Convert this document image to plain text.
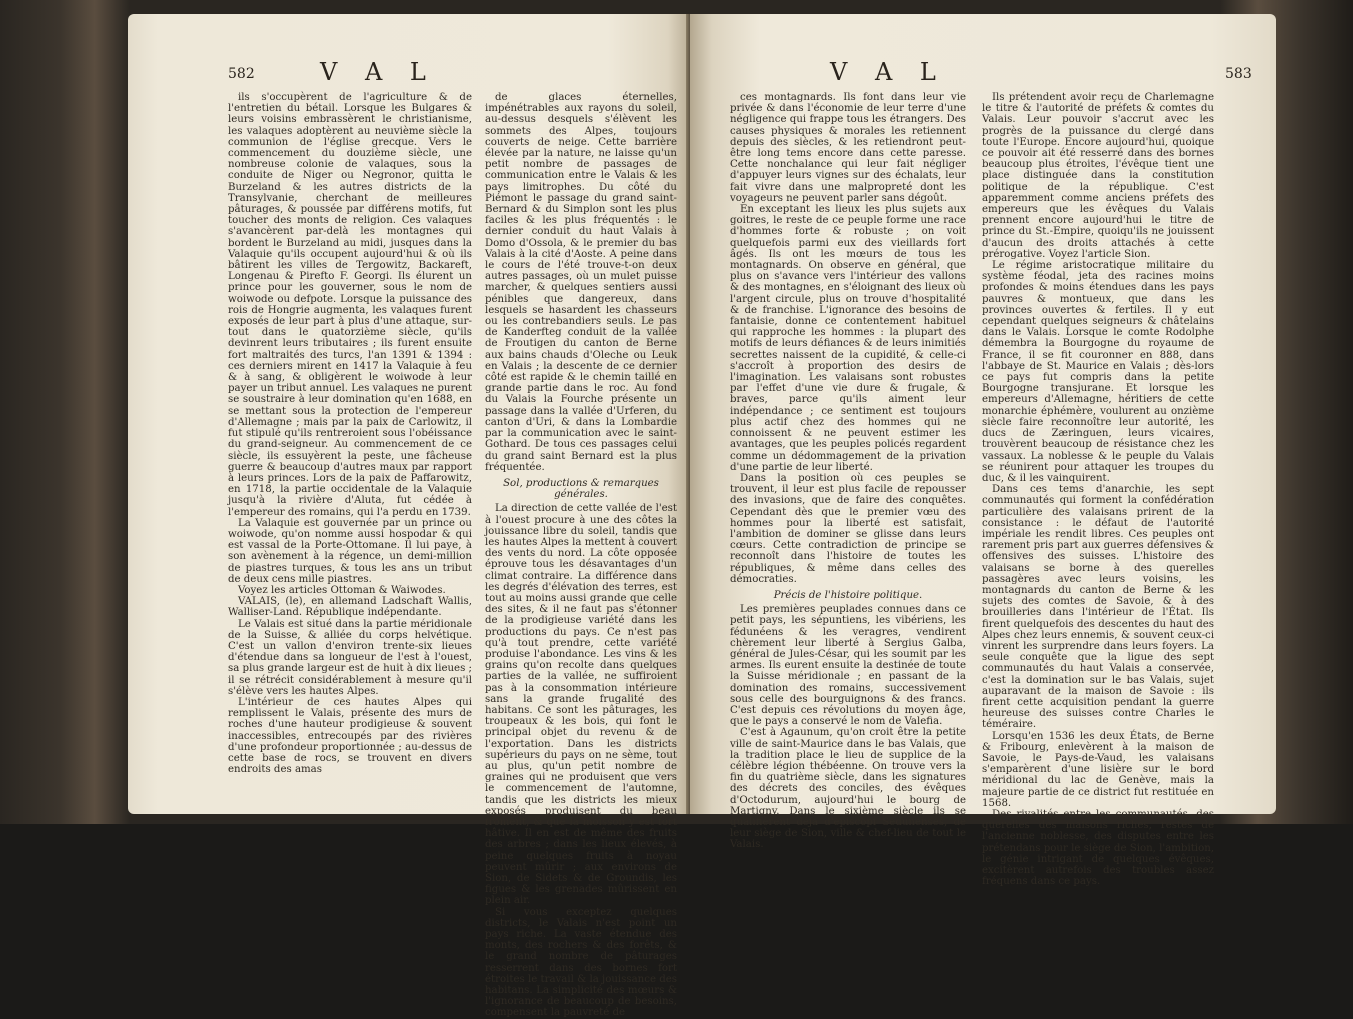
582	V A L

ils s'occupèrent de l'agriculture & de l'entretien du bétail. Lorsque les Bulgares & leurs voisins embrassèrent le christianisme, les valaques adoptèrent au neuvième siècle la communion de l'église grecque. Vers le commencement du douzième siècle, une nombreuse colonie de valaques, sous la conduite de Niger ou Negronor, quitta le Burzeland & les autres districts de la Transylvanie, cherchant de meilleures pâturages, & poussée par différens motifs, fut toucher des monts de religion. Ces valaques s'avancèrent par-delà les montagnes qui bordent le Burzeland au midi, jusques dans la Valaquie qu'ils occupent aujourd'hui & où ils bâtirent les villes de Tergowitz, Backareft, Longenau & Pirefto F. Georgi. Ils élurent un prince pour les gouverner, sous le nom de woiwode ou defpote. Lorsque la puissance des rois de Hongrie augmenta, les valaques furent exposés de leur part à plus d'une attaque, sur-tout dans le quatorzième siècle, qu'ils devinrent leurs tributaires ; ils furent ensuite fort maltraités des turcs, l'an 1391 & 1394 : ces derniers mirent en 1417 la Valaquie à feu & à sang, & obligèrent le woiwode à leur payer un tribut annuel. Les valaques ne purent se soustraire à leur domination qu'en 1688, en se mettant sous la protection de l'empereur d'Allemagne ; mais par la paix de Carlowitz, il fut stipulé qu'ils rentreroient sous l'obéissance du grand-seigneur. Au commencement de ce siècle, ils essuyèrent la peste, une fâcheuse guerre & beaucoup d'autres maux par rapport à leurs princes. Lors de la paix de Paffarowitz, en 1718, la partie occidentale de la Valaquie jusqu'à la rivière d'Aluta, fut cédée à l'empereur des romains, qui l'a perdu en 1739.

La Valaquie est gouvernée par un prince ou woiwode, qu'on nomme aussi hospodar & qui est vassal de la Porte-Ottomane. Il lui paye, à son avènement à la régence, un demi-million de piastres turques, & tous les ans un tribut de deux cens mille piastres.

Voyez les articles Ottoman & Waiwodes.

VALAIS, (le), en allemand Ladschaft Wallis, Walliser-Land. République indépendante.

Le Valais est situé dans la partie méridionale de la Suisse, & alliée du corps helvétique. C'est un vallon d'environ trente-six lieues d'étendue dans sa longueur de l'est à l'ouest, sa plus grande largeur est de huit à dix lieues ; il se rétrécit considérablement à mesure qu'il s'élève vers les hautes Alpes.

L'intérieur de ces hautes Alpes qui remplissent le Valais, présente des murs de roches d'une hauteur prodigieuse & souvent inaccessibles, entrecoupés par des rivières d'une profondeur proportionnée ; au-dessus de cette base de rocs, se trouvent en divers endroits des amas

de glaces éternelles, impénétrables aux rayons du soleil, au-dessus desquels s'élèvent les sommets des Alpes, toujours couverts de neige. Cette barrière élevée par la nature, ne laisse qu'un petit nombre de passages de communication entre le Valais & les pays limitrophes. Du côté du Piémont le passage du grand saint-Bernard & du Simplon sont les plus faciles & les plus fréquentés : le dernier conduit du haut Valais à Domo d'Ossola, & le premier du bas Valais à la cité d'Aoste. A peine dans le cours de l'été trouve-t-on deux autres passages, où un mulet puisse marcher, & quelques sentiers aussi pénibles que dangereux, dans lesquels se hasardent les chasseurs ou les contrebandiers seuls. Le pas de Kanderfteg conduit de la vallée de Froutigen du canton de Berne aux bains chauds d'Oleche ou Leuk en Valais ; la descente de ce dernier côté est rapide & le chemin taillé en grande partie dans le roc. Au fond du Valais la Fourche présente un passage dans la vallée d'Urferen, du canton d'Uri, & dans la Lombardie par la communication avec le saint-Gothard. De tous ces passages celui du grand saint Bernard est la plus fréquentée.

Sol, productions & remarques générales.

La direction de cette vallée de l'est à l'ouest procure à une des côtes la jouissance libre du soleil, tandis que les hautes Alpes la mettent à couvert des vents du nord. La côte opposée éprouve tous les désavantages d'un climat contraire. La différence dans les degrés d'élévation des terres, est tout au moins aussi grande que celle des sites, & il ne faut pas s'étonner de la prodigieuse variété dans les productions du pays. Ce n'est pas qu'à tout prendre, cette variété produise l'abondance. Les vins & les grains qu'on recolte dans quelques parties de la vallée, ne suffiroient pas à la consommation intérieure sans la grande frugalité des habitans. Ce sont les pâturages, les troupeaux & les bois, qui font le principal objet du revenu & de l'exportation. Dans les districts supérieurs du pays on ne sème, tout au plus, qu'un petit nombre de graines qui ne produisent que vers le commencement de l'automne, tandis que les districts les mieux exposés produisent du beau froment, & que la moisson y est fort hâtive. Il en est de même des fruits des arbres ; dans les lieux élevés, à peine quelques fruits à noyau peuvent mûrir ; aux environs de Sion, de Sidets & de Groundis, les figues & les grenades mûrissent en plein air.

Si vous exceptez quelques districts, le Valais n'est point un pays riche. La vaste étendue des monts, des rochers & des forêts, & le grand nombre de pâturages resserrent dans des bornes fort étroites le travail & la jouissance des habitans. La simplicité des mœurs & l'ignorance de beaucoup de besoins, compensent la pauvreté de

V A L	583

ces montagnards. Ils font dans leur vie privée & dans l'économie de leur terre d'une négligence qui frappe tous les étrangers. Des causes physiques & morales les retiennent depuis des siècles, & les retiendront peut-être long tems encore dans cette paresse. Cette nonchalance qui leur fait négliger d'appuyer leurs vignes sur des échalats, leur fait vivre dans une malpropreté dont les voyageurs ne peuvent parler sans dégoût.

En exceptant les lieux les plus sujets aux goitres, le reste de ce peuple forme une race d'hommes forte & robuste ; on voit quelquefois parmi eux des vieillards fort âgés. Ils ont les mœurs de tous les montagnards. On observe en général, que plus on s'avance vers l'intérieur des vallons & des montagnes, en s'éloignant des lieux où l'argent circule, plus on trouve d'hospitalité & de franchise. L'ignorance des besoins de fantaisie, donne ce contentement habituel qui rapproche les hommes : la plupart des motifs de leurs défiances & de leurs inimitiés secrettes naissent de la cupidité, & celle-ci s'accroît à proportion des desirs de l'imagination. Les valaisans sont robustes par l'effet d'une vie dure & frugale, & braves, parce qu'ils aiment leur indépendance ; ce sentiment est toujours plus actif chez des hommes qui ne connoissent & ne peuvent estimer les avantages, que les peuples policés regardent comme un dédommagement de la privation d'une partie de leur liberté.

Dans la position où ces peuples se trouvent, il leur est plus facile de repousser des invasions, que de faire des conquêtes. Cependant dès que le premier vœu des hommes pour la liberté est satisfait, l'ambition de dominer se glisse dans leurs cœurs. Cette contradiction de principe se reconnoît dans l'histoire de toutes les républiques, & même dans celles des démocraties.

Précis de l'histoire politique.

Les premières peuplades connues dans ce petit pays, les sépuntiens, les vibériens, les fédunéens & les veragres, vendirent chèrement leur liberté à Sergius Galba, général de Jules-César, qui les soumit par les armes. Ils eurent ensuite la destinée de toute la Suisse méridionale ; en passant de la domination des romains, successivement sous celle des bourguignons & des francs. C'est depuis ces révolutions du moyen âge, que le pays a conservé le nom de Valefia.

C'est à Agaunum, qu'on croit être la petite ville de saint-Maurice dans le bas Valais, que la tradition place le lieu de supplice de la célèbre légion thébéenne. On trouve vers la fin du quatrième siècle, dans les signatures des décrets des conciles, des évêques d'Octodurum, aujourd'hui le bourg de Martigny. Dans le sixième siècle ils se qualifièrent déja d'episcopi Sedunenses, de leur siège de Sion, ville & chef-lieu de tout le Valais.

Ils prétendent avoir reçu de Charlemagne le titre & l'autorité de préfets & comtes du Valais. Leur pouvoir s'accrut avec les progrès de la puissance du clergé dans toute l'Europe. Encore aujourd'hui, quoique ce pouvoir ait été resserré dans des bornes beaucoup plus étroites, l'évêque tient une place distinguée dans la constitution politique de la république. C'est apparemment comme anciens préfets des empereurs que les évêques du Valais prennent encore aujourd'hui le titre de prince du St.-Empire, quoiqu'ils ne jouissent d'aucun des droits attachés à cette prérogative. Voyez l'article Sion.

Le régime aristocratique militaire du système féodal, jeta des racines moins profondes & moins étendues dans les pays pauvres & montueux, que dans les provinces ouvertes & fertiles. Il y eut cependant quelques seigneurs & châtelains dans le Valais. Lorsque le comte Rodolphe démembra la Bourgogne du royaume de France, il se fit couronner en 888, dans l'abbaye de St. Maurice en Valais ; dès-lors ce pays fut compris dans la petite Bourgogne transjurane. Et lorsque les empereurs d'Allemagne, héritiers de cette monarchie éphémère, voulurent au onzième siècle faire reconnoître leur autorité, les ducs de Zæringuen, leurs vicaires, trouvèrent beaucoup de résistance chez les vassaux. La noblesse & le peuple du Valais se réunirent pour attaquer les troupes du duc, & il les vainquirent.

Dans ces tems d'anarchie, les sept communautés qui forment la confédération particulière des valaisans prirent de la consistance : le défaut de l'autorité impériale les rendit libres. Ces peuples ont rarement pris part aux guerres défensives & offensives des suisses. L'histoire des valaisans se borne à des querelles passagères avec leurs voisins, les montagnards du canton de Berne & les sujets des comtes de Savoie, & à des brouilleries dans l'intérieur de l'État. Ils firent quelquefois des descentes du haut des Alpes chez leurs ennemis, & souvent ceux-ci vinrent les surprendre dans leurs foyers. La seule conquête que la ligue des sept communautés du haut Valais a conservée, c'est la domination sur le bas Valais, sujet auparavant de la maison de Savoie : ils firent cette acquisition pendant la guerre heureuse des suisses contre Charles le téméraire.

Lorsqu'en 1536 les deux États, de Berne & Fribourg, enlevèrent à la maison de Savoie, le Pays-de-Vaud, les valaisans s'emparèrent d'une lisière sur le bord méridional du lac de Genève, mais la majeure partie de ce district fut restituée en 1568.

Des rivalités entre les communautés, des querelles des maisons riches, restes de l'ancienne noblesse, des disputes entre les prétendans pour le siège de Sion, l'ambition, le génie intrigant de quelques évêques, excitèrent autrefois des troubles assez fréquens dans ce pays.
